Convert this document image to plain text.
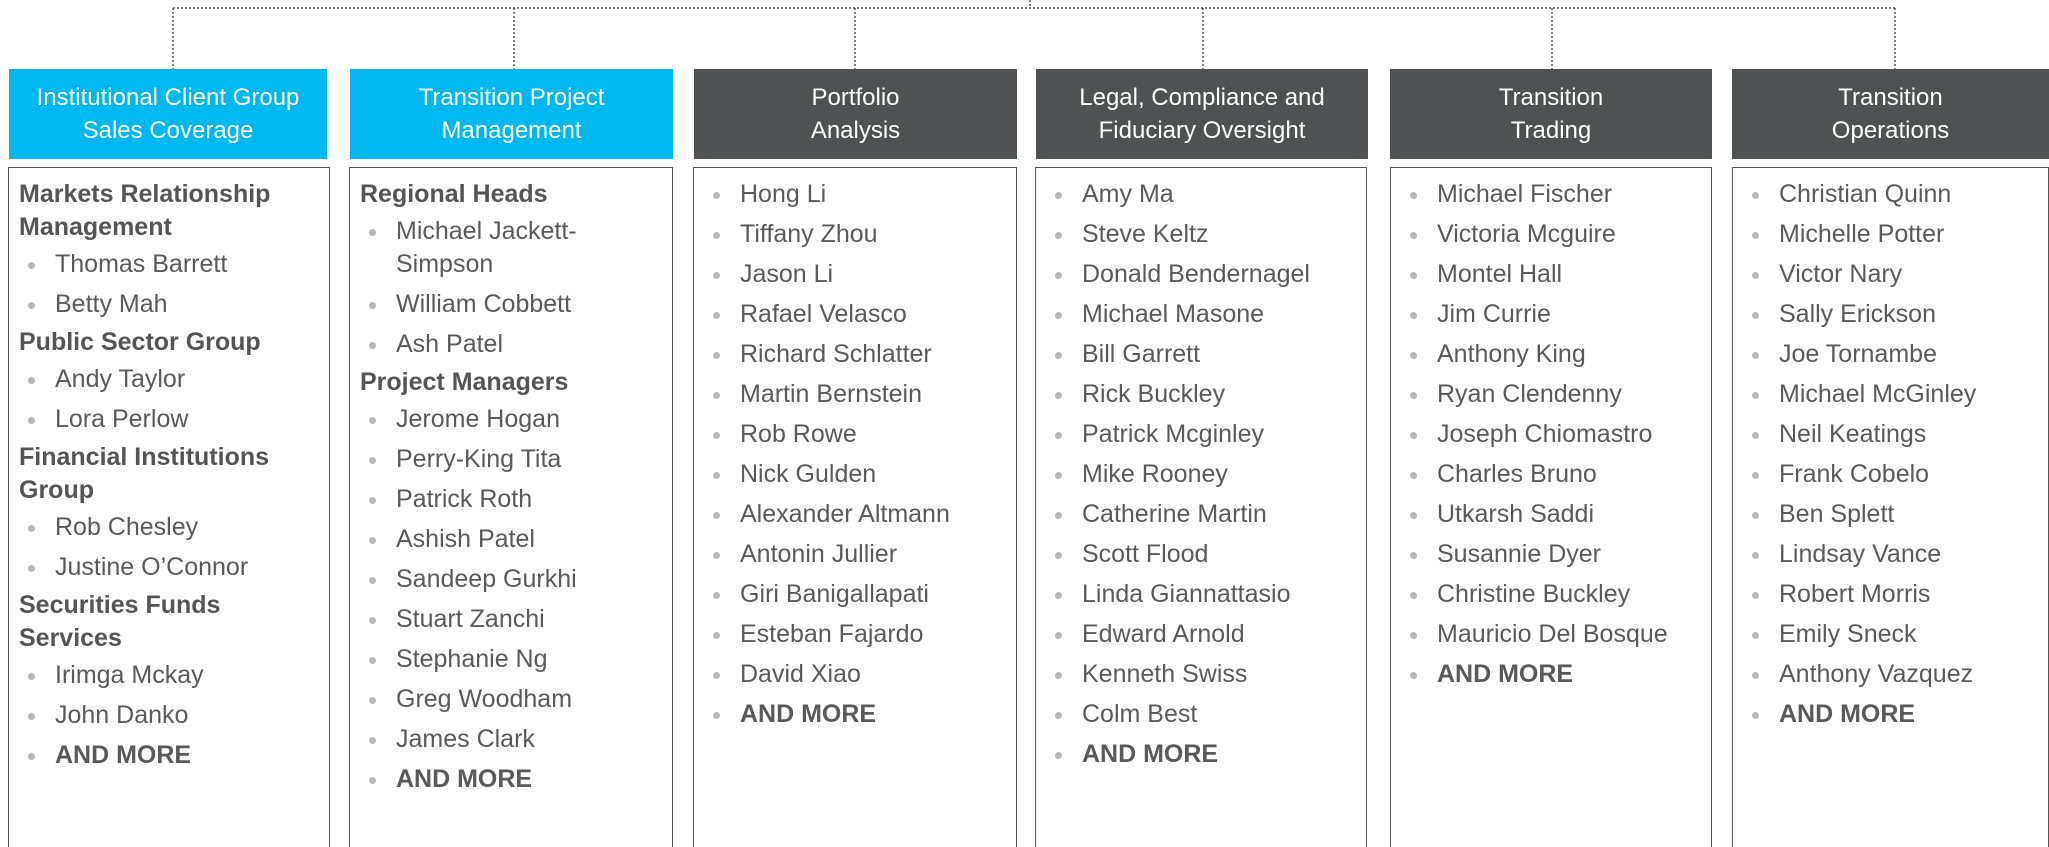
Institutional Client Group
Sales Coverage
Markets Relationship Management
Thomas Barrett
Betty Mah
Public Sector Group
Andy Taylor
Lora Perlow
Financial Institutions Group
Rob Chesley
Justine O’Connor
Securities Funds Services
Irimga Mckay
John Danko
AND MORE
Transition Project
Management
Regional Heads
Michael Jackett-Simpson
William Cobbett
Ash Patel
Project Managers
Jerome Hogan
Perry-King Tita
Patrick Roth
Ashish Patel
Sandeep Gurkhi
Stuart Zanchi
Stephanie Ng
Greg Woodham
James Clark
AND MORE
Portfolio
Analysis
Hong Li
Tiffany Zhou
Jason Li
Rafael Velasco
Richard Schlatter
Martin Bernstein
Rob Rowe
Nick Gulden
Alexander Altmann
Antonin Jullier
Giri Banigallapati
Esteban Fajardo
David Xiao
AND MORE
Legal, Compliance and
Fiduciary Oversight
Amy Ma
Steve Keltz
Donald Bendernagel
Michael Masone
Bill Garrett
Rick Buckley
Patrick Mcginley
Mike Rooney
Catherine Martin
Scott Flood
Linda Giannattasio
Edward Arnold
Kenneth Swiss
Colm Best
AND MORE
Transition
Trading
Michael Fischer
Victoria Mcguire
Montel Hall
Jim Currie
Anthony King
Ryan Clendenny
Joseph Chiomastro
Charles Bruno
Utkarsh Saddi
Susannie Dyer
Christine Buckley
Mauricio Del Bosque
AND MORE
Transition
Operations
Christian Quinn
Michelle Potter
Victor Nary
Sally Erickson
Joe Tornambe
Michael McGinley
Neil Keatings
Frank Cobelo
Ben Splett
Lindsay Vance
Robert Morris
Emily Sneck
Anthony Vazquez
AND MORE
